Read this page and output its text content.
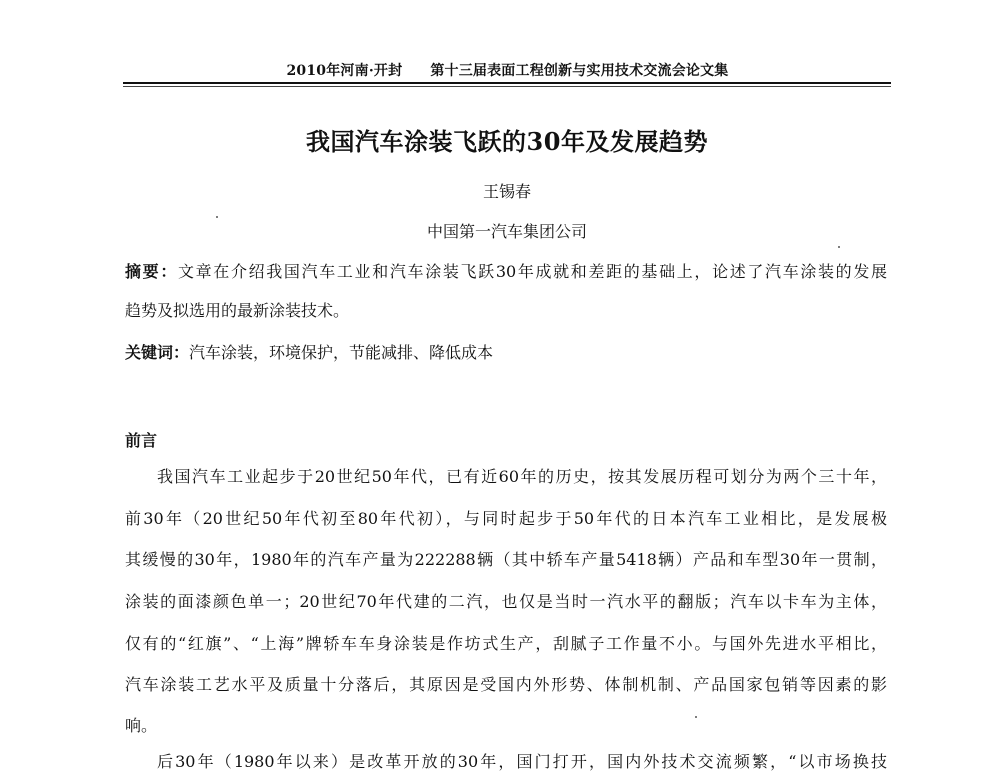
2010年河南·开封 第十三届表面工程创新与实用技术交流会论文集
我国汽车涂装飞跃的30年及发展趋势
王锡春
中国第一汽车集团公司
摘要：文章在介绍我国汽车工业和汽车涂装飞跃30年成就和差距的基础上，论述了汽车涂装的发展
趋势及拟选用的最新涂装技术。
关键词：汽车涂装，环境保护，节能减排、降低成本
前言
我国汽车工业起步于20世纪50年代，已有近60年的历史，按其发展历程可划分为两个三十年，
前30年（20世纪50年代初至80年代初），与同时起步于50年代的日本汽车工业相比，是发展极
其缓慢的30年，1980年的汽车产量为222288辆（其中轿车产量5418辆）产品和车型30年一贯制，
涂装的面漆颜色单一；20世纪70年代建的二汽，也仅是当时一汽水平的翻版；汽车以卡车为主体，
仅有的“红旗”、“上海”牌轿车车身涂装是作坊式生产，刮腻子工作量不小。与国外先进水平相比，
汽车涂装工艺水平及质量十分落后，其原因是受国内外形势、体制机制、产品国家包销等因素的影
响。
后30年（1980年以来）是改革开放的30年，国门打开，国内外技术交流频繁，“以市场换技
